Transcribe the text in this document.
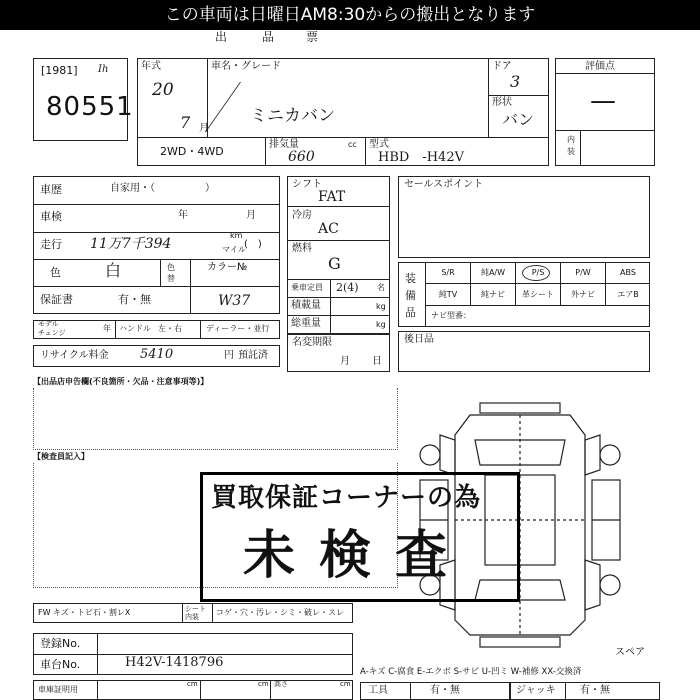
この車両は日曜日AM8:30からの搬出となります
出	品	票
[1981] Ih
80551
年式
20
7 月
車名・グレード
ミニカバン
ドア
3
形状
バン
2WD・4WD
排気量
660
cc 型式
HBD　-H42V
評価点
—
内装
車歴	自家用・（　　　　　）
車検	年	月
走行 11万7千394
km
マイル
(　)
色	白	色替
カラー№
保証書	有・無	W37
モデル
チェンジ	年 ハンドル 左・右	ディーラー・並行
リサイクル料金 5410	円 預託済
シフト
FAT
冷房
AC
燃料
G
乗車定員 2(4) 名
積載量	kg
総重量	kg
名変期限
月日
セールスポイント
装備品
S/R	純A/W	P/S	P/W	ABS
純TV	純ナビ	革シート	外ナビ	エアB
ナビ型番：
後日品
【出品店申告欄(不良箇所・欠品・注意事項等)】
【検査員記入】
スペア
買取保証コーナーの為
未検査
FW キズ・トビ石・割レX	シート内装	コゲ・穴・汚レ・シミ・破レ・スレ
登録No.
車台No.	H42V-1418796
車庫証明用
cm	cm 高さ	cm
A-キズ C-腐食 E-エクボ S-サビ U-凹ミ W-補修 XX-交換済
工具	有・無	ジャッキ 有・無
